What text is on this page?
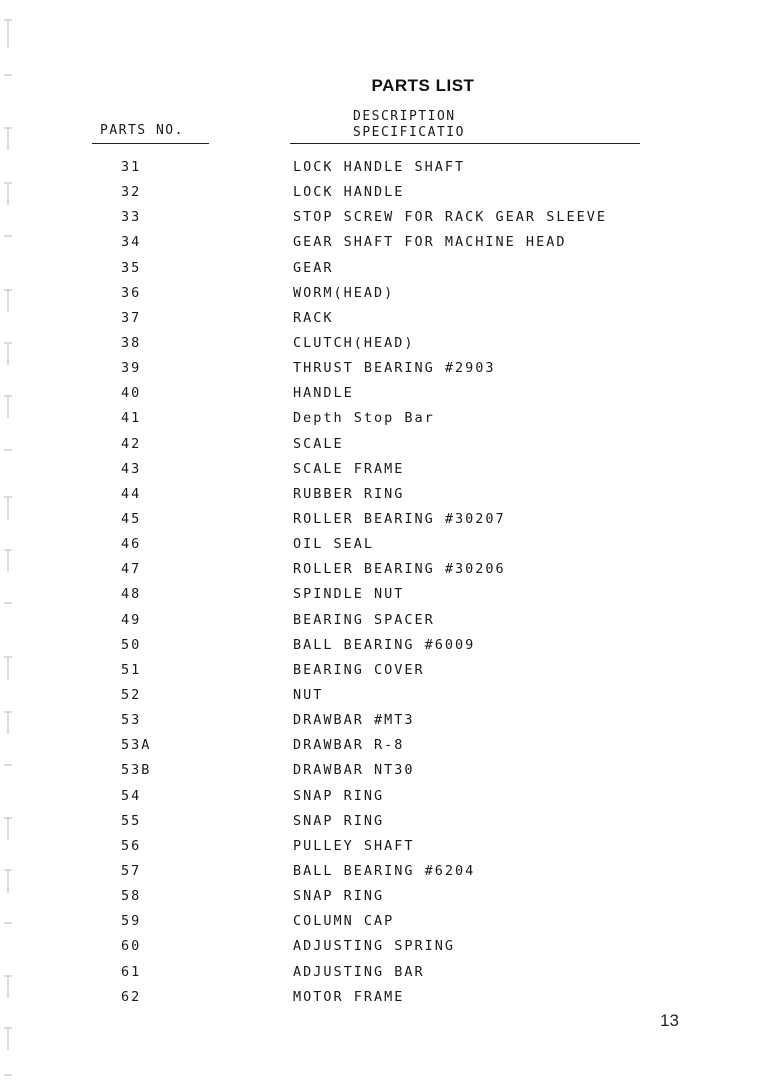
PARTS LIST
PARTS NO.
DESCRIPTION
SPECIFICATIO
31	LOCK HANDLE SHAFT
32	LOCK HANDLE
33	STOP SCREW FOR RACK GEAR SLEEVE
34	GEAR SHAFT FOR MACHINE HEAD
35	GEAR
36	WORM(HEAD)
37	RACK
38	CLUTCH(HEAD)
39	THRUST BEARING #2903
40	HANDLE
41	Depth Stop Bar
42	SCALE
43	SCALE FRAME
44	RUBBER RING
45	ROLLER BEARING #30207
46	OIL SEAL
47	ROLLER BEARING #30206
48	SPINDLE NUT
49	BEARING SPACER
50	BALL BEARING #6009
51	BEARING COVER
52	NUT
53	DRAWBAR #MT3
53A	DRAWBAR R-8
53B	DRAWBAR NT30
54	SNAP RING
55	SNAP RING
56	PULLEY SHAFT
57	BALL BEARING #6204
58	SNAP RING
59	COLUMN CAP
60	ADJUSTING SPRING
61	ADJUSTING BAR
62	MOTOR FRAME
13
